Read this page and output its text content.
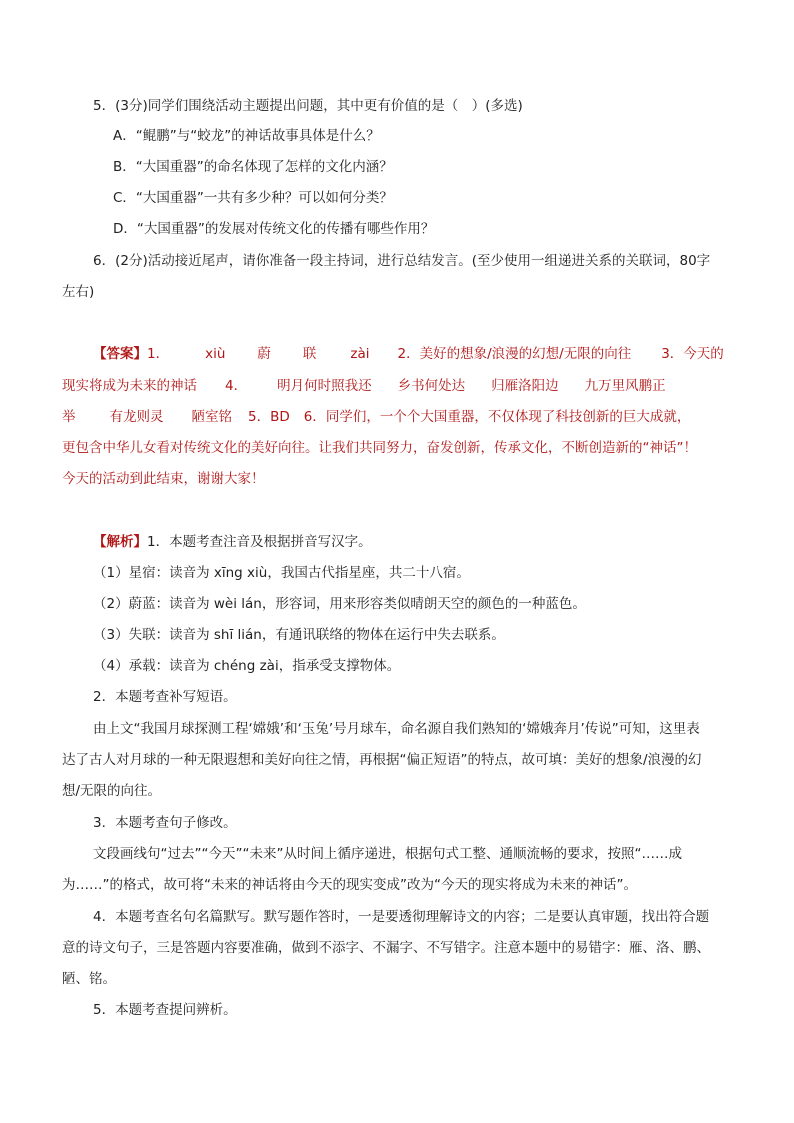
5．(3分)同学们围绕活动主题提出问题，其中更有价值的是（　）(多选)
A．“鲲鹏”与“蛟龙”的神话故事具体是什么？
B．“大国重器”的命名体现了怎样的文化内涵？
C．“大国重器”一共有多少种？可以如何分类？
D．“大国重器”的发展对传统文化的传播有哪些作用？
6．(2分)活动接近尾声，请你准备一段主持词，进行总结发言。(至少使用一组递进关系的关联词，80字
左右)
【答案】1．	xiù 蔚 联	zài 2．美好的想象/浪漫的幻想/无限的向往 3．今天的
现实将成为未来的神话 4． 明月何时照我还 乡书何处达 归雁洛阳边 九万里风鹏正
举	有龙则灵 陋室铭 5．BD 6．同学们，一个个大国重器，不仅体现了科技创新的巨大成就，
更包含中华儿女看对传统文化的美好向往。让我们共同努力，奋发创新，传承文化，不断创造新的“神话”！
今天的活动到此结束，谢谢大家！
【解析】1．本题考查注音及根据拼音写汉字。
（1）星宿：读音为 xīng xiù，我国古代指星座，共二十八宿。
（2）蔚蓝：读音为 wèi lán，形容词，用来形容类似晴朗天空的颜色的一种蓝色。
（3）失联：读音为 shī lián，有通讯联络的物体在运行中失去联系。
（4）承载：读音为 chéng zài，指承受支撑物体。
2．本题考查补写短语。
由上文“我国月球探测工程‘嫦娥’和‘玉兔’号月球车，命名源自我们熟知的‘嫦娥奔月’传说”可知，这里表
达了古人对月球的一种无限遐想和美好向往之情，再根据“偏正短语”的特点，故可填：美好的想象/浪漫的幻
想/无限的向往。
3．本题考查句子修改。
文段画线句“过去”“今天”“未来”从时间上循序递进，根据句式工整、通顺流畅的要求，按照“……成
为……”的格式，故可将“未来的神话将由今天的现实变成”改为“今天的现实将成为未来的神话”。
4．本题考查名句名篇默写。默写题作答时，一是要透彻理解诗文的内容；二是要认真审题，找出符合题
意的诗文句子，三是答题内容要准确，做到不添字、不漏字、不写错字。注意本题中的易错字：雁、洛、鹏、
陋、铭。
5．本题考查提问辨析。
